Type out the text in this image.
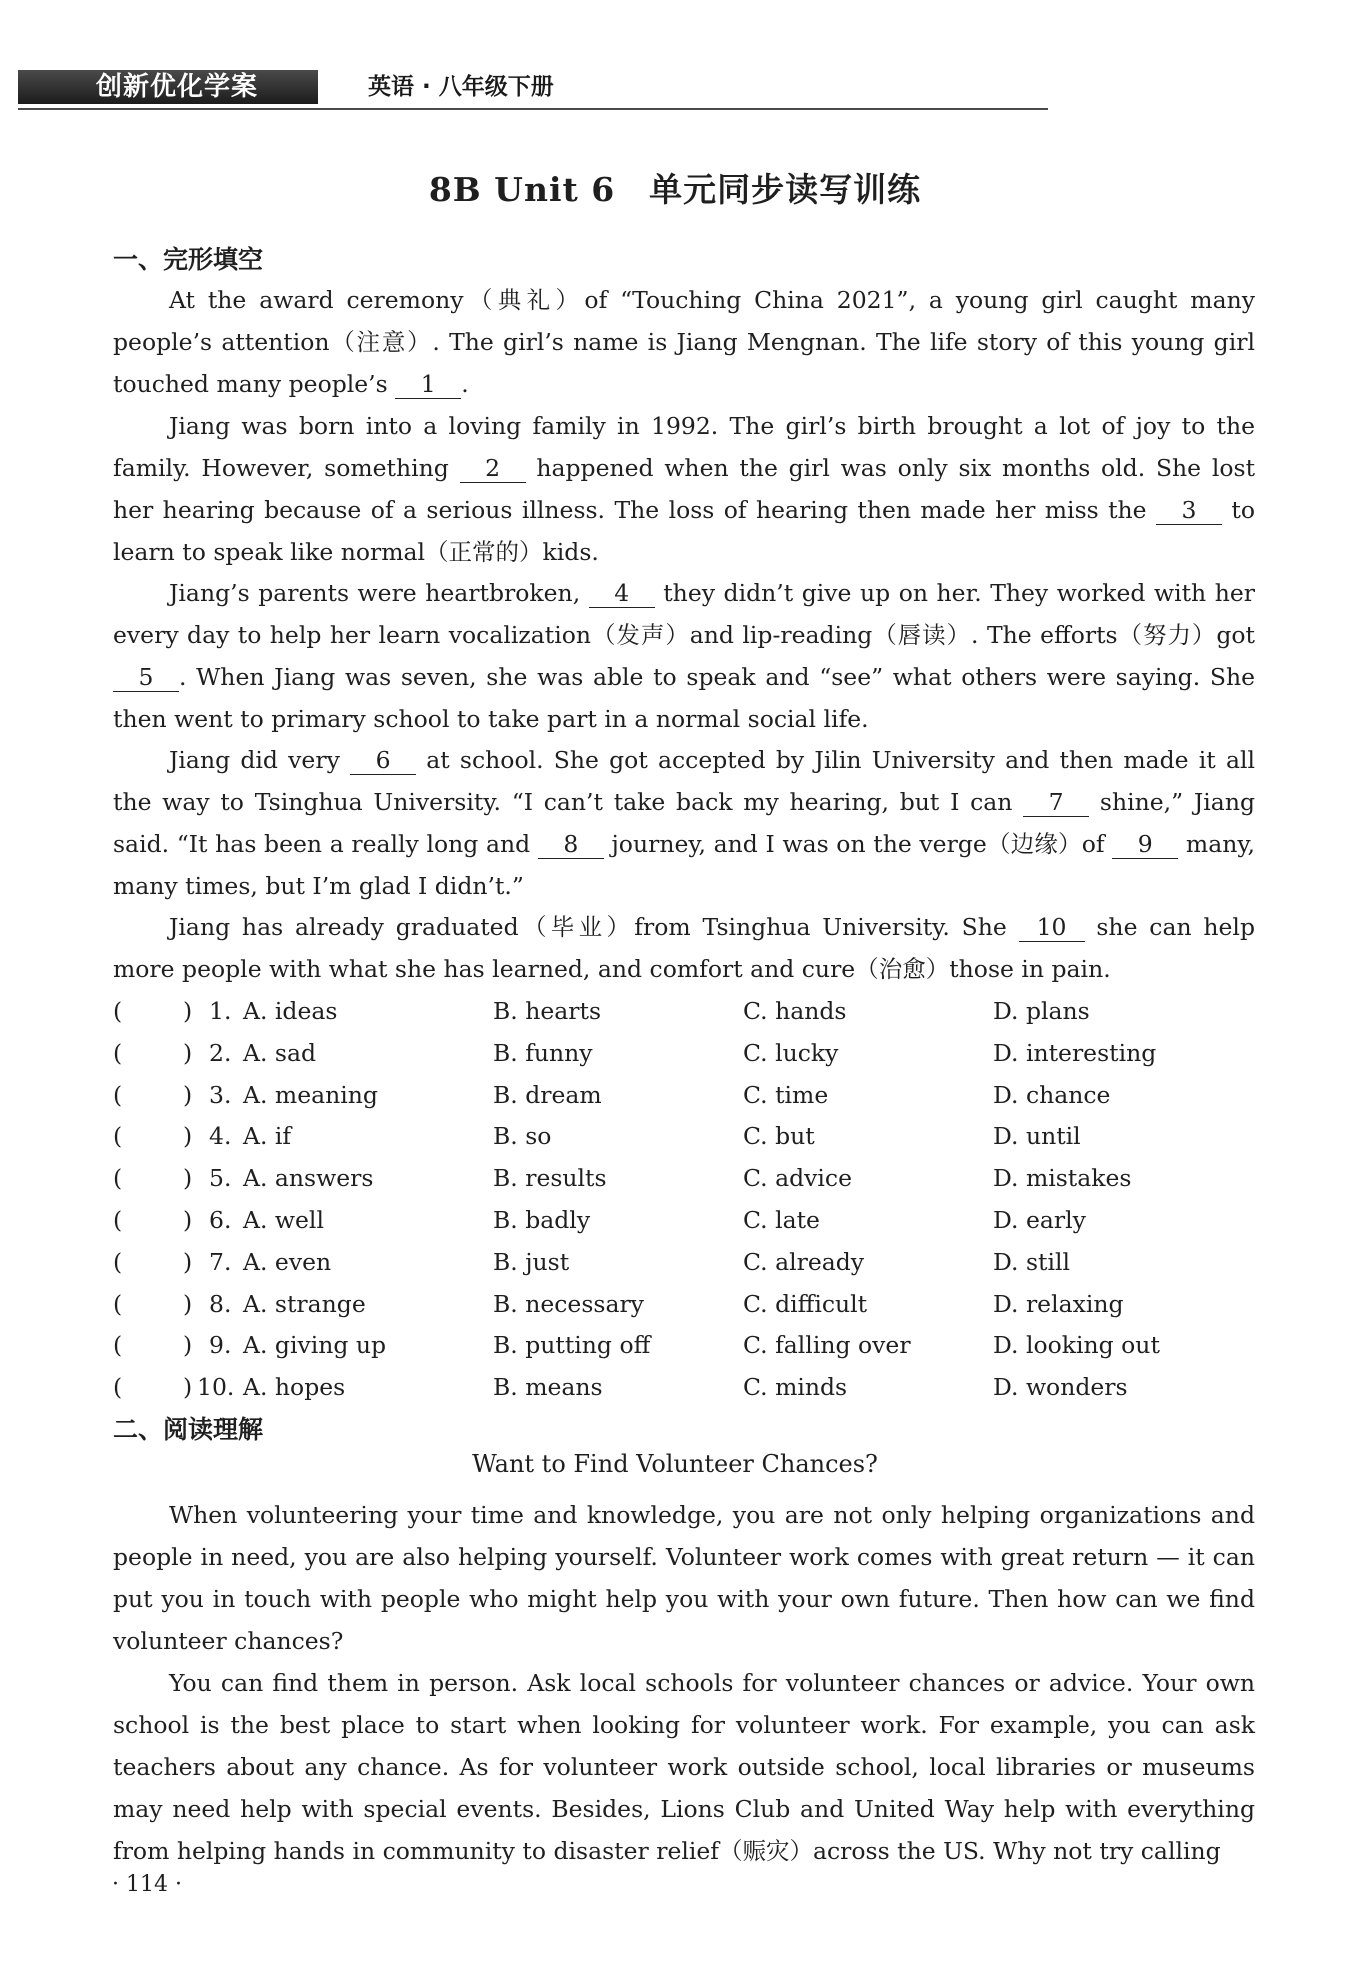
创新优化学案	英语 · 八年级下册
8B Unit 6　单元同步读写训练
一、完形填空

At the award ceremony（典礼）of “Touching China 2021”, a young girl caught many people’s attention（注意）. The girl’s name is Jiang Mengnan. The life story of this young girl touched many people’s 1 .

Jiang was born into a loving family in 1992. The girl’s birth brought a lot of joy to the family. However, something 2 happened when the girl was only six months old. She lost her hearing because of a serious illness. The loss of hearing then made her miss the 3 to learn to speak like normal（正常的）kids.

Jiang’s parents were heartbroken, 4 they didn’t give up on her. They worked with her every day to help her learn vocalization（发声）and lip-reading（唇读）. The efforts（努力）got 5 . When Jiang was seven, she was able to speak and “see” what others were saying. She then went to primary school to take part in a normal social life.

Jiang did very 6 at school. She got accepted by Jilin University and then made it all the way to Tsinghua University. “I can’t take back my hearing, but I can 7 shine,” Jiang said. “It has been a really long and 8 journey, and I was on the verge（边缘）of 9 many, many times, but I’m glad I didn’t.”

Jiang has already graduated（毕业）from Tsinghua University. She 10 she can help more people with what she has learned, and comfort and cure（治愈）those in pain.

(	) 1. A. ideas	B. hearts	C. hands	D. plans
(	) 2. A. sad	B. funny	C. lucky	D. interesting
(	) 3. A. meaning	B. dream	C. time	D. chance
(	) 4. A. if	B. so	C. but	D. until
(	) 5. A. answers	B. results	C. advice	D. mistakes
(	) 6. A. well	B. badly	C. late	D. early
(	) 7. A. even	B. just	C. already	D. still
(	) 8. A. strange	B. necessary	C. difficult	D. relaxing
(	) 9. A. giving up	B. putting off	C. falling over	D. looking out
(	) 10. A. hopes	B. means	C. minds	D. wonders
二、阅读理解
Want to Find Volunteer Chances?

When volunteering your time and knowledge, you are not only helping organizations and people in need, you are also helping yourself. Volunteer work comes with great return — it can put you in touch with people who might help you with your own future. Then how can we find volunteer chances?

You can find them in person. Ask local schools for volunteer chances or advice. Your own school is the best place to start when looking for volunteer work. For example, you can ask teachers about any chance. As for volunteer work outside school, local libraries or museums may need help with special events. Besides, Lions Club and United Way help with everything from helping hands in community to disaster relief（赈灾）across the US. Why not try calling

· 114 ·
